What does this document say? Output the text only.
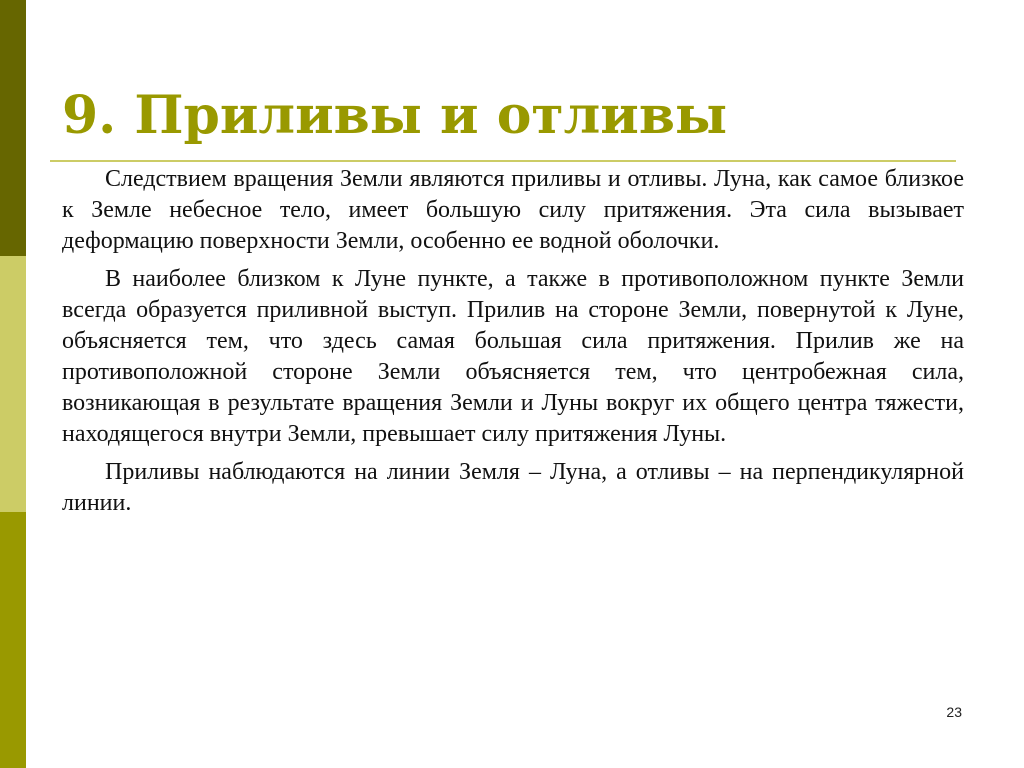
9. Приливы и отливы

Следствием вращения Земли являются приливы и отливы. Луна, как самое близкое к Земле небесное тело, имеет большую силу притяжения. Эта сила вызывает деформацию поверхности Земли, особенно ее водной оболочки.

В наиболее близком к Луне пункте, а также в противоположном пункте Земли всегда образуется приливной выступ. Прилив на стороне Земли, повернутой к Луне, объясняется тем, что здесь самая большая сила притяжения. Прилив же на противоположной стороне Земли объясняется тем, что центробежная сила, возникающая в результате вращения Земли и Луны вокруг их общего центра тяжести, находящегося внутри Земли, превышает силу притяжения Луны.

Приливы наблюдаются на линии Земля – Луна, а отливы – на перпендикулярной линии.

23
